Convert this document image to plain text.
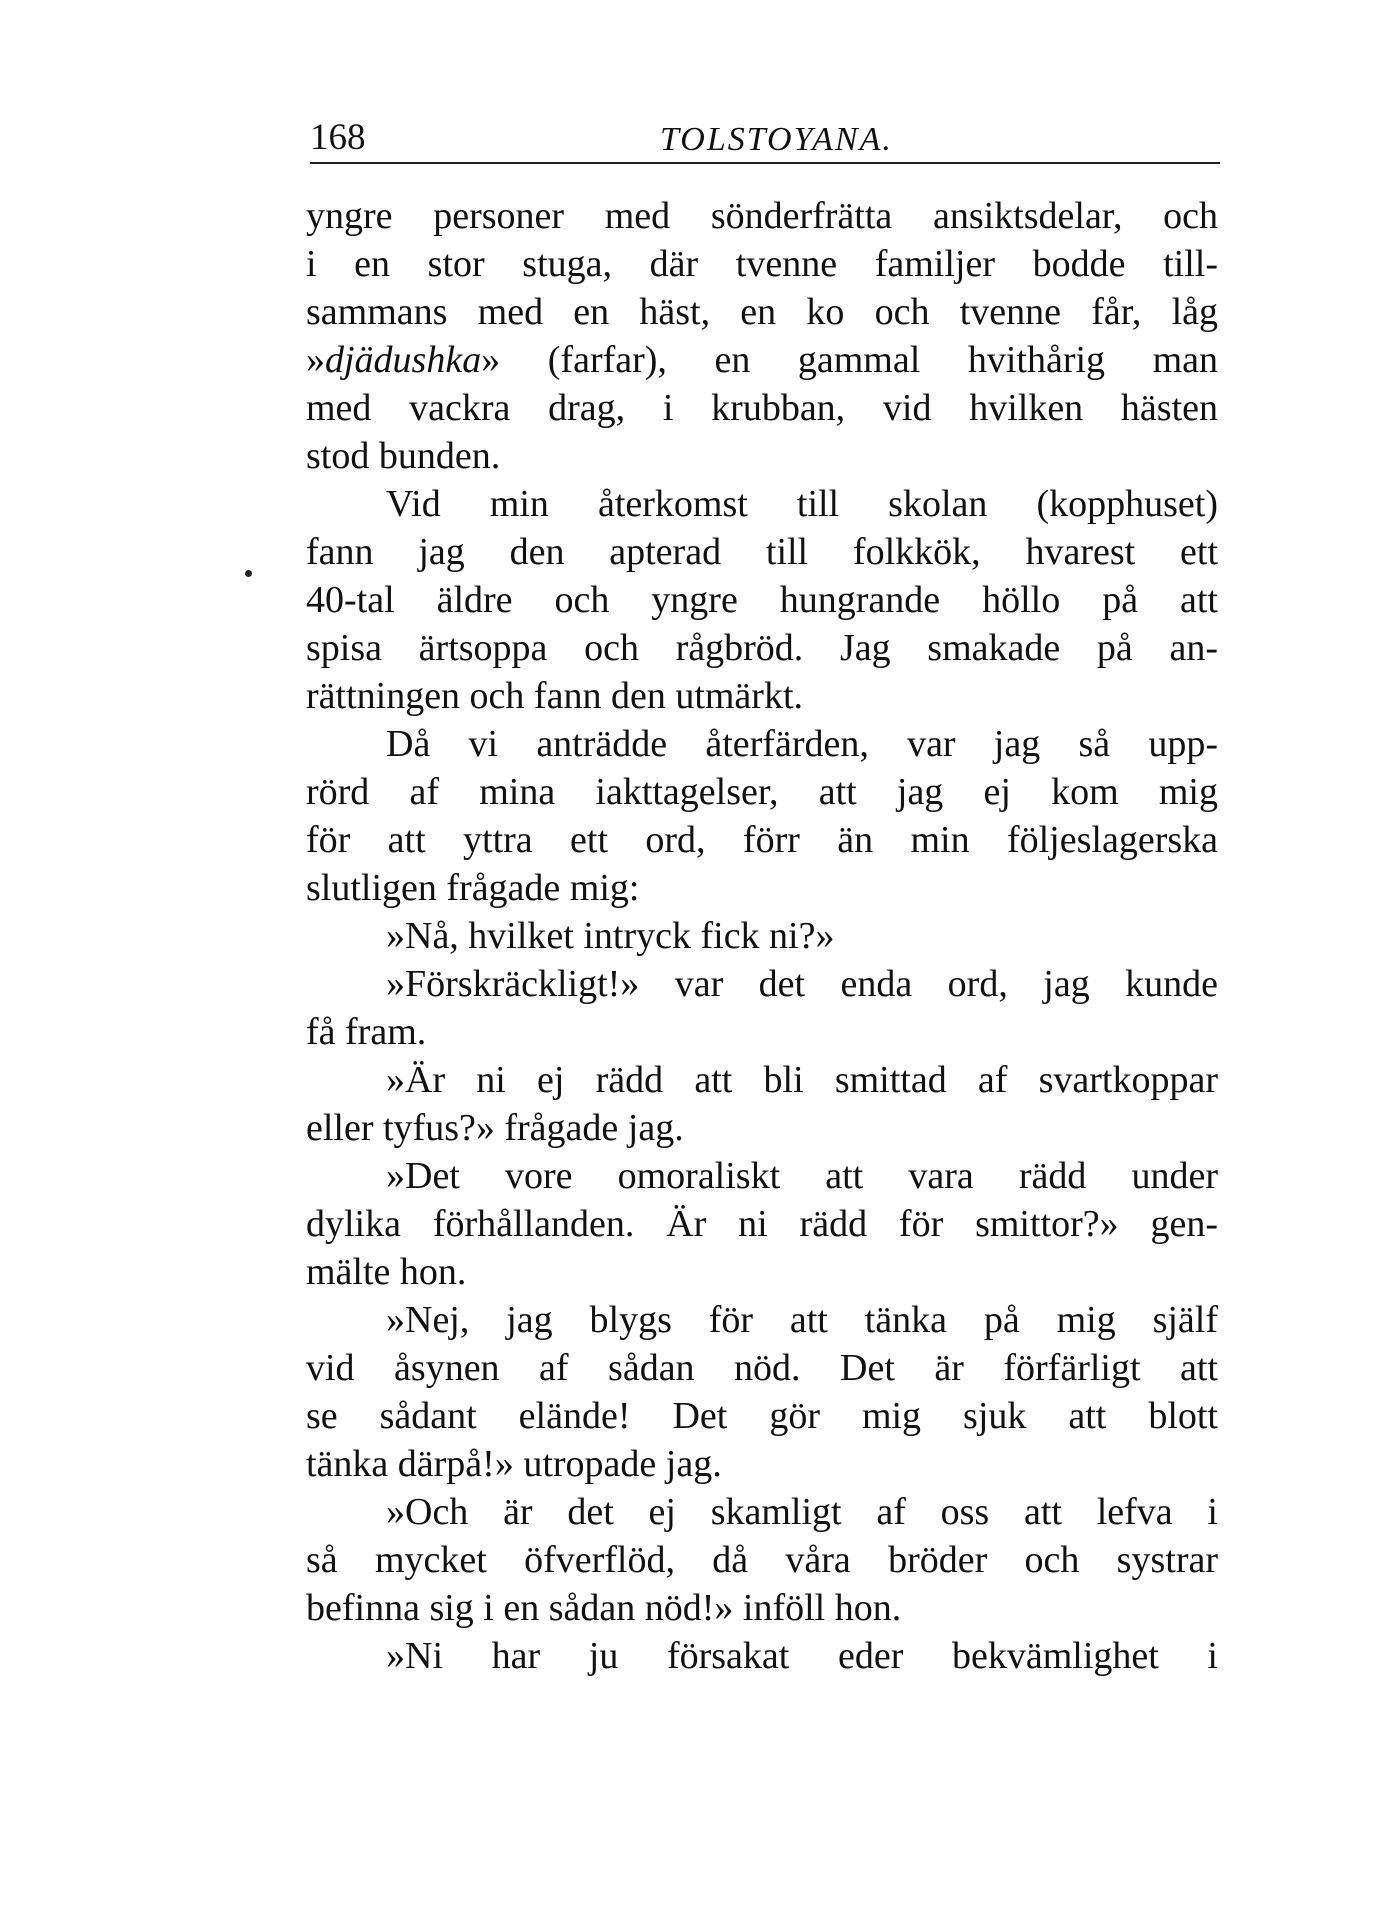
168	TOLSTOYANA.
yngre personer med sönderfrätta ansiktsdelar, och
i en stor stuga, där tvenne familjer bodde till-
sammans med en häst, en ko och tvenne får, låg
»djädushka» (farfar), en gammal hvithårig man
med vackra drag, i krubban, vid hvilken hästen
stod bunden.
Vid min återkomst till skolan (kopphuset)
fann jag den apterad till folkkök, hvarest ett
40-tal äldre och yngre hungrande höllo på att
spisa ärtsoppa och rågbröd. Jag smakade på an-
rättningen och fann den utmärkt.
Då vi anträdde återfärden, var jag så upp-
rörd af mina iakttagelser, att jag ej kom mig
för att yttra ett ord, förr än min följeslagerska
slutligen frågade mig:
»Nå, hvilket intryck fick ni?»
»Förskräckligt!» var det enda ord, jag kunde
få fram.
»Är ni ej rädd att bli smittad af svartkoppar
eller tyfus?» frågade jag.
»Det vore omoraliskt att vara rädd under
dylika förhållanden. Är ni rädd för smittor?» gen-
mälte hon.
»Nej, jag blygs för att tänka på mig själf
vid åsynen af sådan nöd. Det är förfärligt att
se sådant elände! Det gör mig sjuk att blott
tänka därpå!» utropade jag.
»Och är det ej skamligt af oss att lefva i
så mycket öfverflöd, då våra bröder och systrar
befinna sig i en sådan nöd!» inföll hon.
»Ni har ju försakat eder bekvämlighet i
